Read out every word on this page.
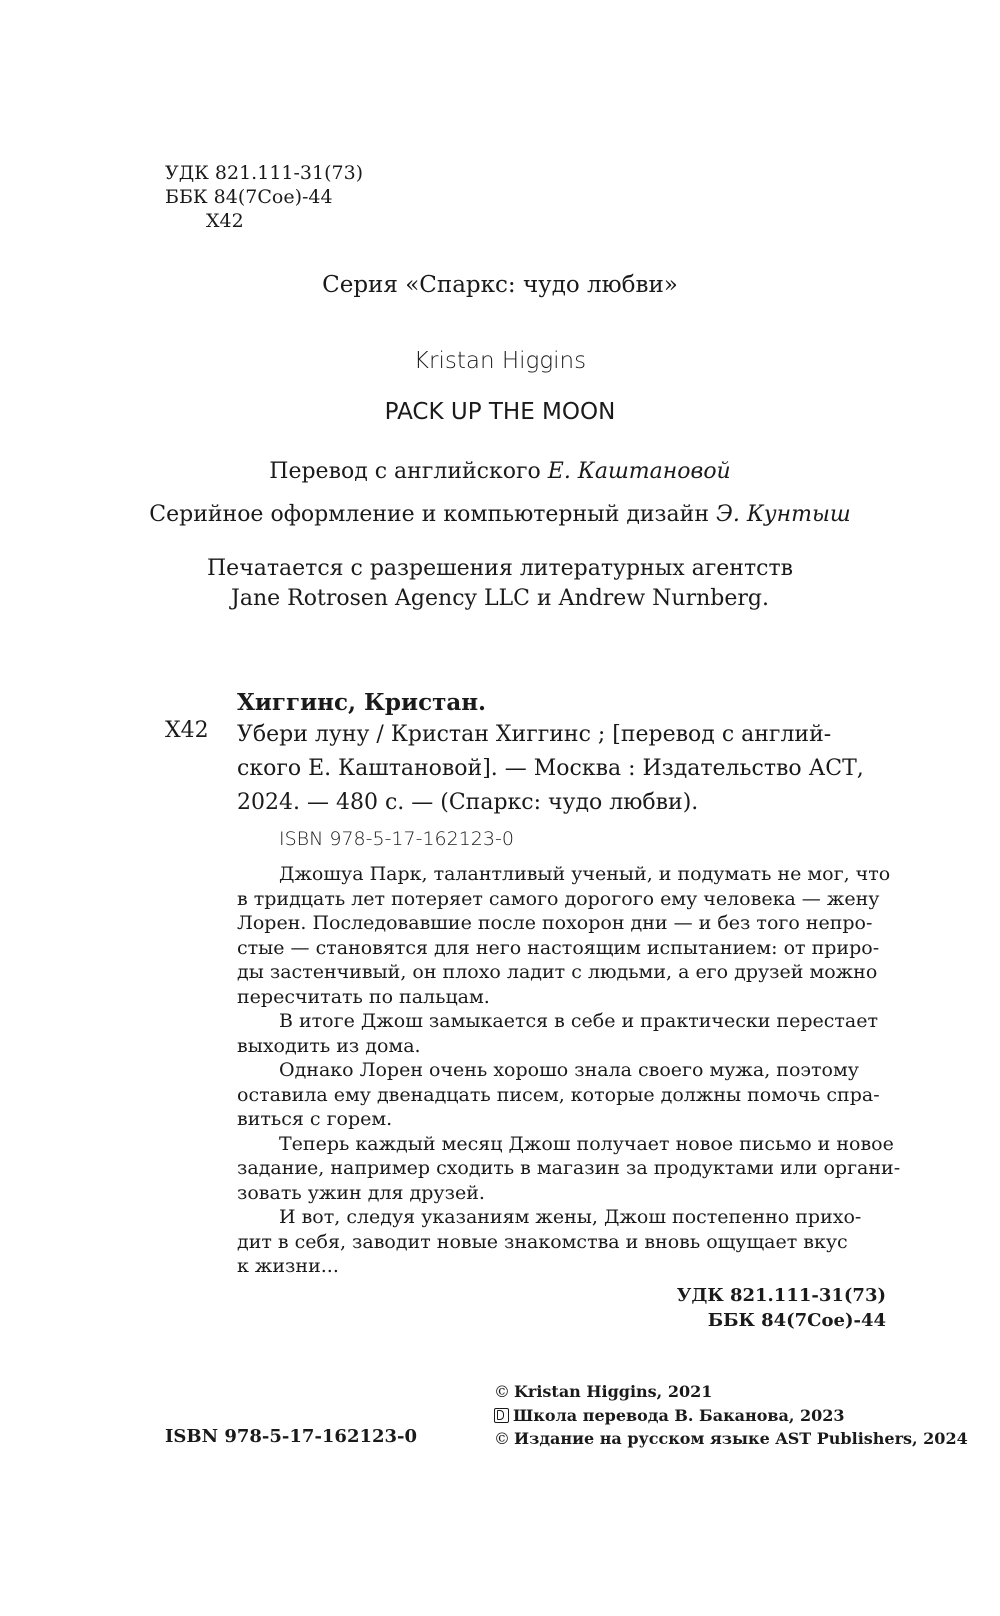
УДК 821.111-31(73)
ББК 84(7Сое)-44
Х42
Серия «Спаркс: чудо любви»
Kristan Higgins
PACK UP THE MOON
Перевод с английского Е. Каштановой
Серийное оформление и компьютерный дизайн Э. Кунтыш
Печатается с разрешения литературных агентств
Jane Rotrosen Agency LLC и Andrew Nurnberg.
Хиггинс, Кристан.
Х42 Убери луну / Кристан Хиггинс ; [перевод с англий-
ского Е. Каштановой]. — Москва : Издательство АСТ,
2024. — 480 с. — (Спаркс: чудо любви).
ISBN 978-5-17-162123-0
Джошуа Парк, талантливый ученый, и подумать не мог, что
в тридцать лет потеряет самого дорогого ему человека — жену
Лорен. Последовавшие после похорон дни — и без того непро-
стые — становятся для него настоящим испытанием: от приро-
ды застенчивый, он плохо ладит с людьми, а его друзей можно
пересчитать по пальцам.
В итоге Джош замыкается в себе и практически перестает
выходить из дома.
Однако Лорен очень хорошо знала своего мужа, поэтому
оставила ему двенадцать писем, которые должны помочь спра-
виться с горем.
Теперь каждый месяц Джош получает новое письмо и новое
задание, например сходить в магазин за продуктами или органи-
зовать ужин для друзей.
И вот, следуя указаниям жены, Джош постепенно прихо-
дит в себя, заводит новые знакомства и вновь ощущает вкус
к жизни...
УДК 821.111-31(73)
ББК 84(7Сое)-44
© Kristan Higgins, 2021
Школа перевода В. Баканова, 2023
© Издание на русском языке AST Publishers, 2024
ISBN 978-5-17-162123-0
